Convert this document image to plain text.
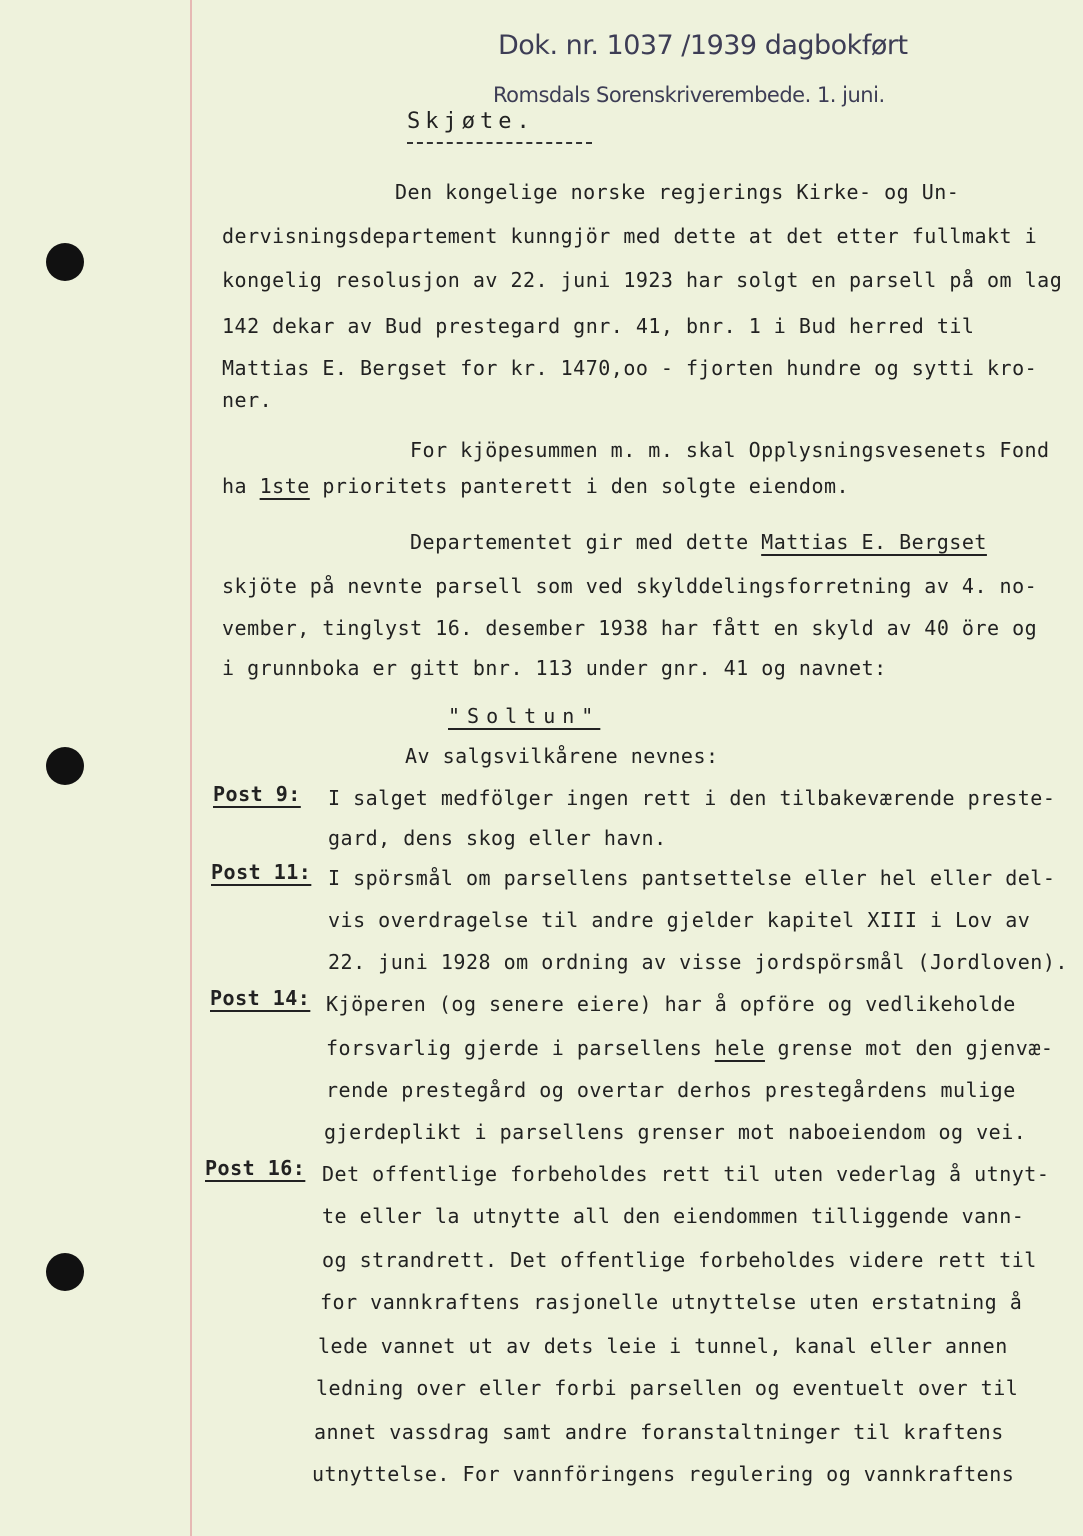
Dok. nr. 1037 /1939 dagbokført
Romsdals Sorenskriverembede. 1. juni.
Skjøte.
Den kongelige norske regjerings Kirke- og Un-
dervisningsdepartement kunngjör med dette at det etter fullmakt i
kongelig resolusjon av 22. juni 1923 har solgt en parsell på om lag
142 dekar av Bud prestegard gnr. 41, bnr. 1 i Bud herred til
Mattias E. Bergset for kr. 1470,oo - fjorten hundre og sytti kro-
ner.
For kjöpesummen m. m. skal Opplysningsvesenets Fond
ha 1ste prioritets panterett i den solgte eiendom.
Departementet gir med dette Mattias E. Bergset
skjöte på nevnte parsell som ved skylddelingsforretning av 4. no-
vember, tinglyst 16. desember 1938 har fått en skyld av 40 öre og
i grunnboka er gitt bnr. 113 under gnr. 41 og navnet:
"Soltun"
Av salgsvilkårene nevnes:
Post 9: I salget medfölger ingen rett i den tilbakeværende preste-
gard, dens skog eller havn.
Post 11: I spörsmål om parsellens pantsettelse eller hel eller del-
vis overdragelse til andre gjelder kapitel XIII i Lov av
22. juni 1928 om ordning av visse jordspörsmål (Jordloven).
Post 14: Kjöperen (og senere eiere) har å opföre og vedlikeholde
forsvarlig gjerde i parsellens hele grense mot den gjenvæ-
rende prestegård og overtar derhos prestegårdens mulige
gjerdeplikt i parsellens grenser mot naboeiendom og vei.
Post 16: Det offentlige forbeholdes rett til uten vederlag å utnyt-
te eller la utnytte all den eiendommen tilliggende vann-
og strandrett. Det offentlige forbeholdes videre rett til
for vannkraftens rasjonelle utnyttelse uten erstatning å
lede vannet ut av dets leie i tunnel, kanal eller annen
ledning over eller forbi parsellen og eventuelt over til
annet vassdrag samt andre foranstaltninger til kraftens
utnyttelse. For vannföringens regulering og vannkraftens
